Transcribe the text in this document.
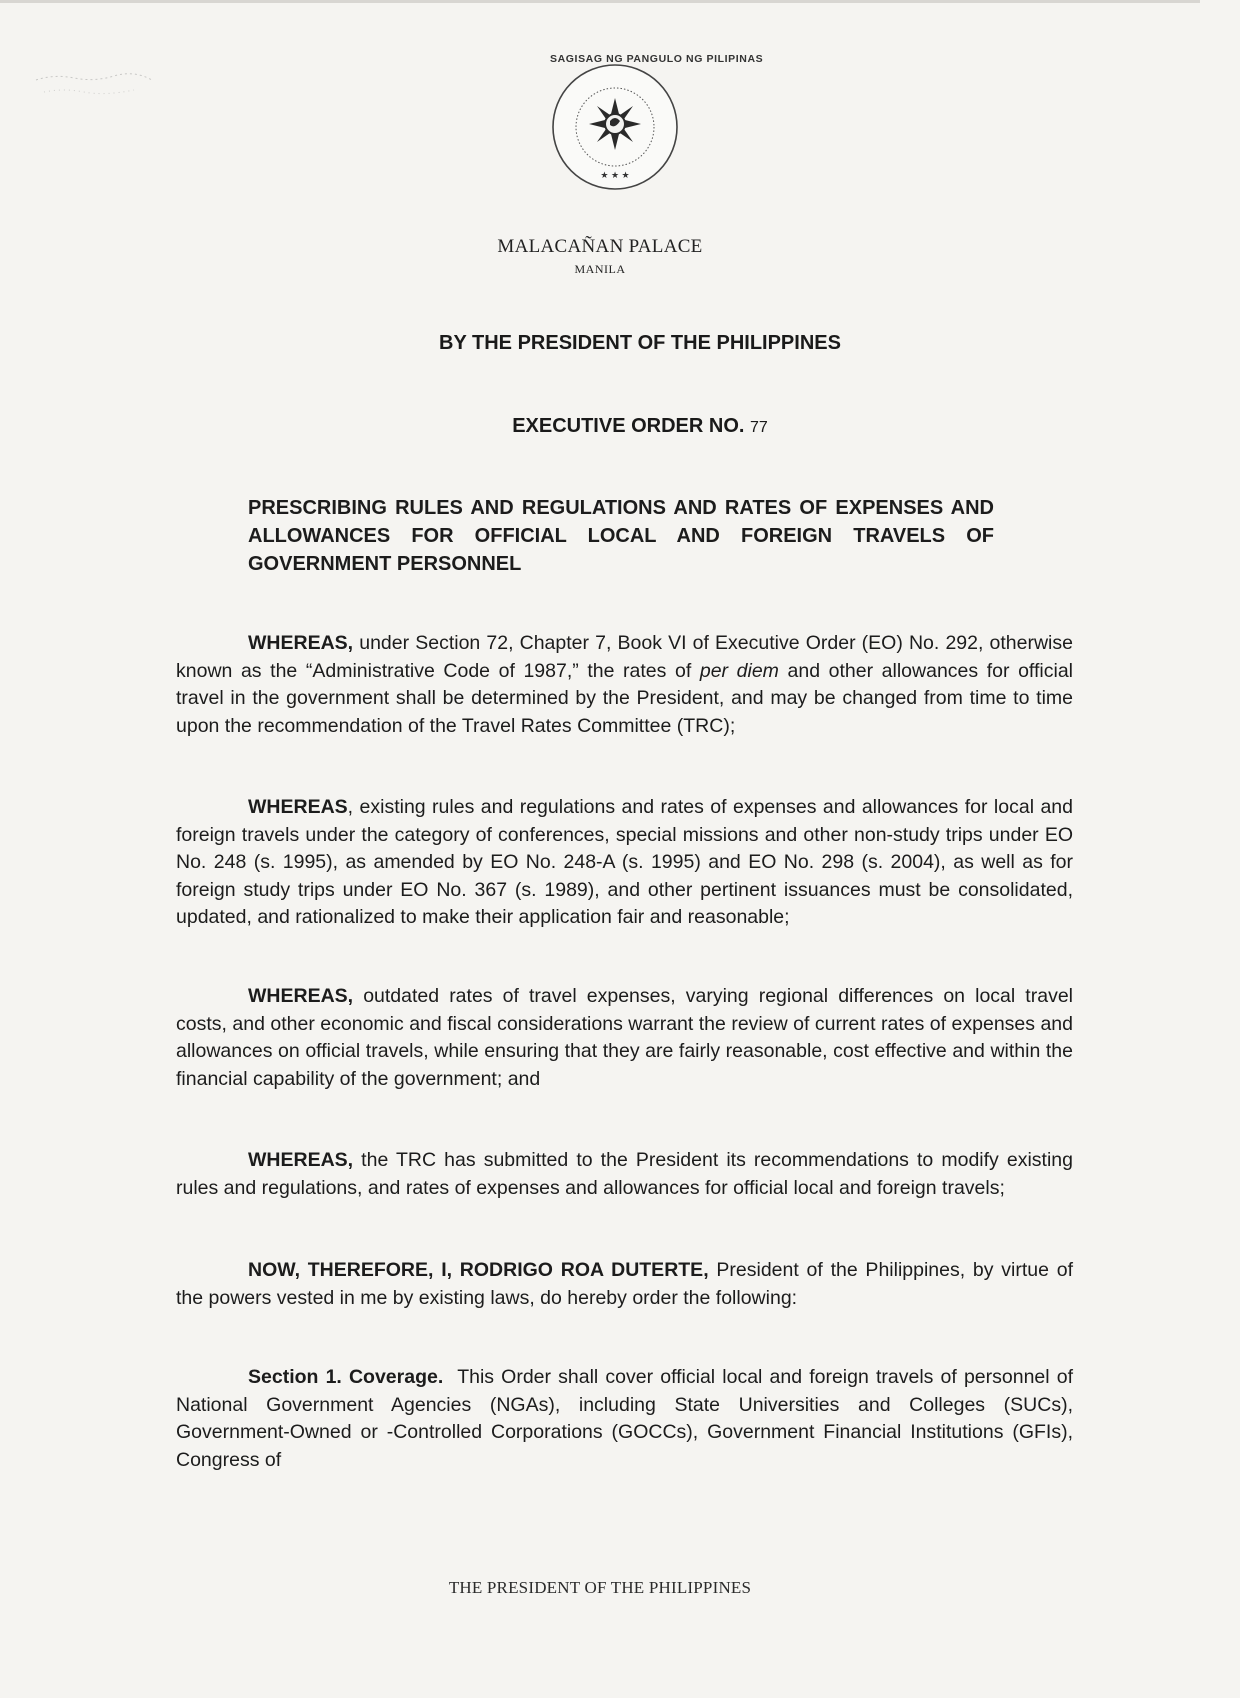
SAGISAG NG PANGULO NG PILIPINAS
★ ★ ★
MALACAÑAN PALACE
MANILA
BY THE PRESIDENT OF THE PHILIPPINES
EXECUTIVE ORDER NO. 77
PRESCRIBING RULES AND REGULATIONS AND RATES OF EXPENSES AND ALLOWANCES FOR OFFICIAL LOCAL AND FOREIGN TRAVELS OF GOVERNMENT PERSONNEL
WHEREAS, under Section 72, Chapter 7, Book VI of Executive Order (EO) No. 292, otherwise known as the “Administrative Code of 1987,” the rates of per diem and other allowances for official travel in the government shall be determined by the President, and may be changed from time to time upon the recommendation of the Travel Rates Committee (TRC);
WHEREAS, existing rules and regulations and rates of expenses and allowances for local and foreign travels under the category of conferences, special missions and other non-study trips under EO No. 248 (s. 1995), as amended by EO No. 248-A (s. 1995) and EO No. 298 (s. 2004), as well as for foreign study trips under EO No. 367 (s. 1989), and other pertinent issuances must be consolidated, updated, and rationalized to make their application fair and reasonable;
WHEREAS, outdated rates of travel expenses, varying regional differences on local travel costs, and other economic and fiscal considerations warrant the review of current rates of expenses and allowances on official travels, while ensuring that they are fairly reasonable, cost effective and within the financial capability of the government; and
WHEREAS, the TRC has submitted to the President its recommendations to modify existing rules and regulations, and rates of expenses and allowances for official local and foreign travels;
NOW, THEREFORE, I, RODRIGO ROA DUTERTE, President of the Philippines, by virtue of the powers vested in me by existing laws, do hereby order the following:
Section 1. Coverage.  This Order shall cover official local and foreign travels of personnel of National Government Agencies (NGAs), including State Universities and Colleges (SUCs), Government-Owned or -Controlled Corporations (GOCCs), Government Financial Institutions (GFIs), Congress of
THE PRESIDENT OF THE PHILIPPINES
